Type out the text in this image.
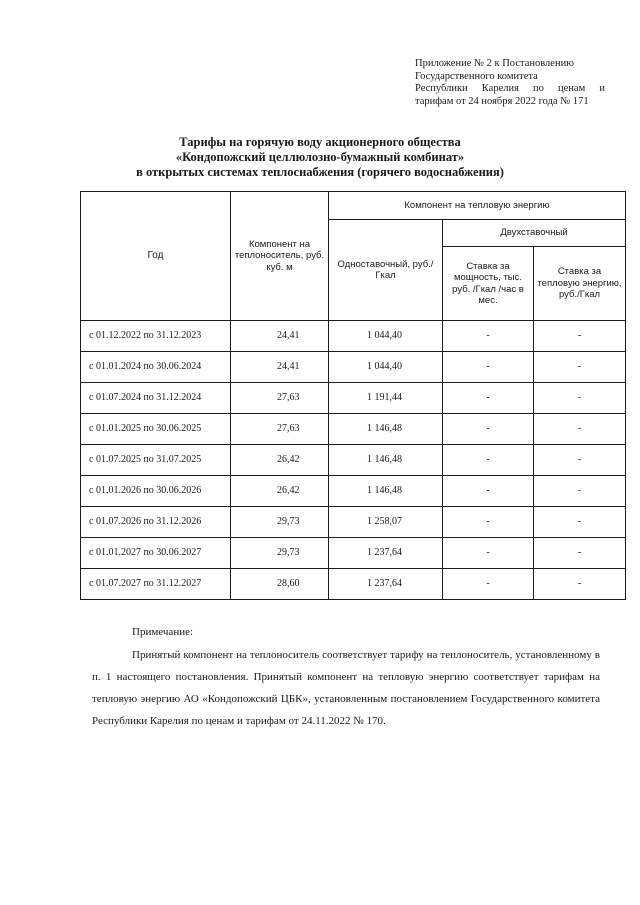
Приложение № 2 к Постановлению
Государственного комитета
Республики Карелия по ценам и
тарифам от 24 ноября 2022 года № 171
Тарифы на горячую воду акционерного общества
«Кондопожский целлюлозно-бумажный комбинат»
в открытых системах теплоснабжения (горячего водоснабжения)
Год	Компонент на теплоноситель, руб. куб. м	Компонент на тепловую энергию		
		Одноставочный, руб./Гкал	Двухставочный	
			Ставка за мощность, тыс. руб. /Гкал /час в мес.	Ставка за тепловую энергию, руб./Гкал
с 01.12.2022 по 31.12.2023	24,41	1 044,40	-	-
с 01.01.2024 по 30.06.2024	24,41	1 044,40	-	-
с 01.07.2024 по 31.12.2024	27,63	1 191,44	-	-
с 01.01.2025 по 30.06.2025	27,63	1 146,48	-	-
с 01.07.2025 по 31.07.2025	26,42	1 146,48	-	-
с 01.01.2026 по 30.06.2026	26,42	1 146,48	-	-
с 01.07.2026 по 31.12.2026	29,73	1 258,07	-	-
с 01.01.2027 по 30.06.2027	29,73	1 237,64	-	-
с 01.07.2027 по 31.12.2027	28,60	1 237,64	-	-
Примечание:
Принятый компонент на теплоноситель соответствует тарифу на теплоноситель, установленному в п. 1 настоящего постановления. Принятый компонент на тепловую энергию соответствует тарифам на тепловую энергию АО «Кондопожский ЦБК», установленным постановлением Государственного комитета Республики Карелия по ценам и тарифам от 24.11.2022 № 170.
